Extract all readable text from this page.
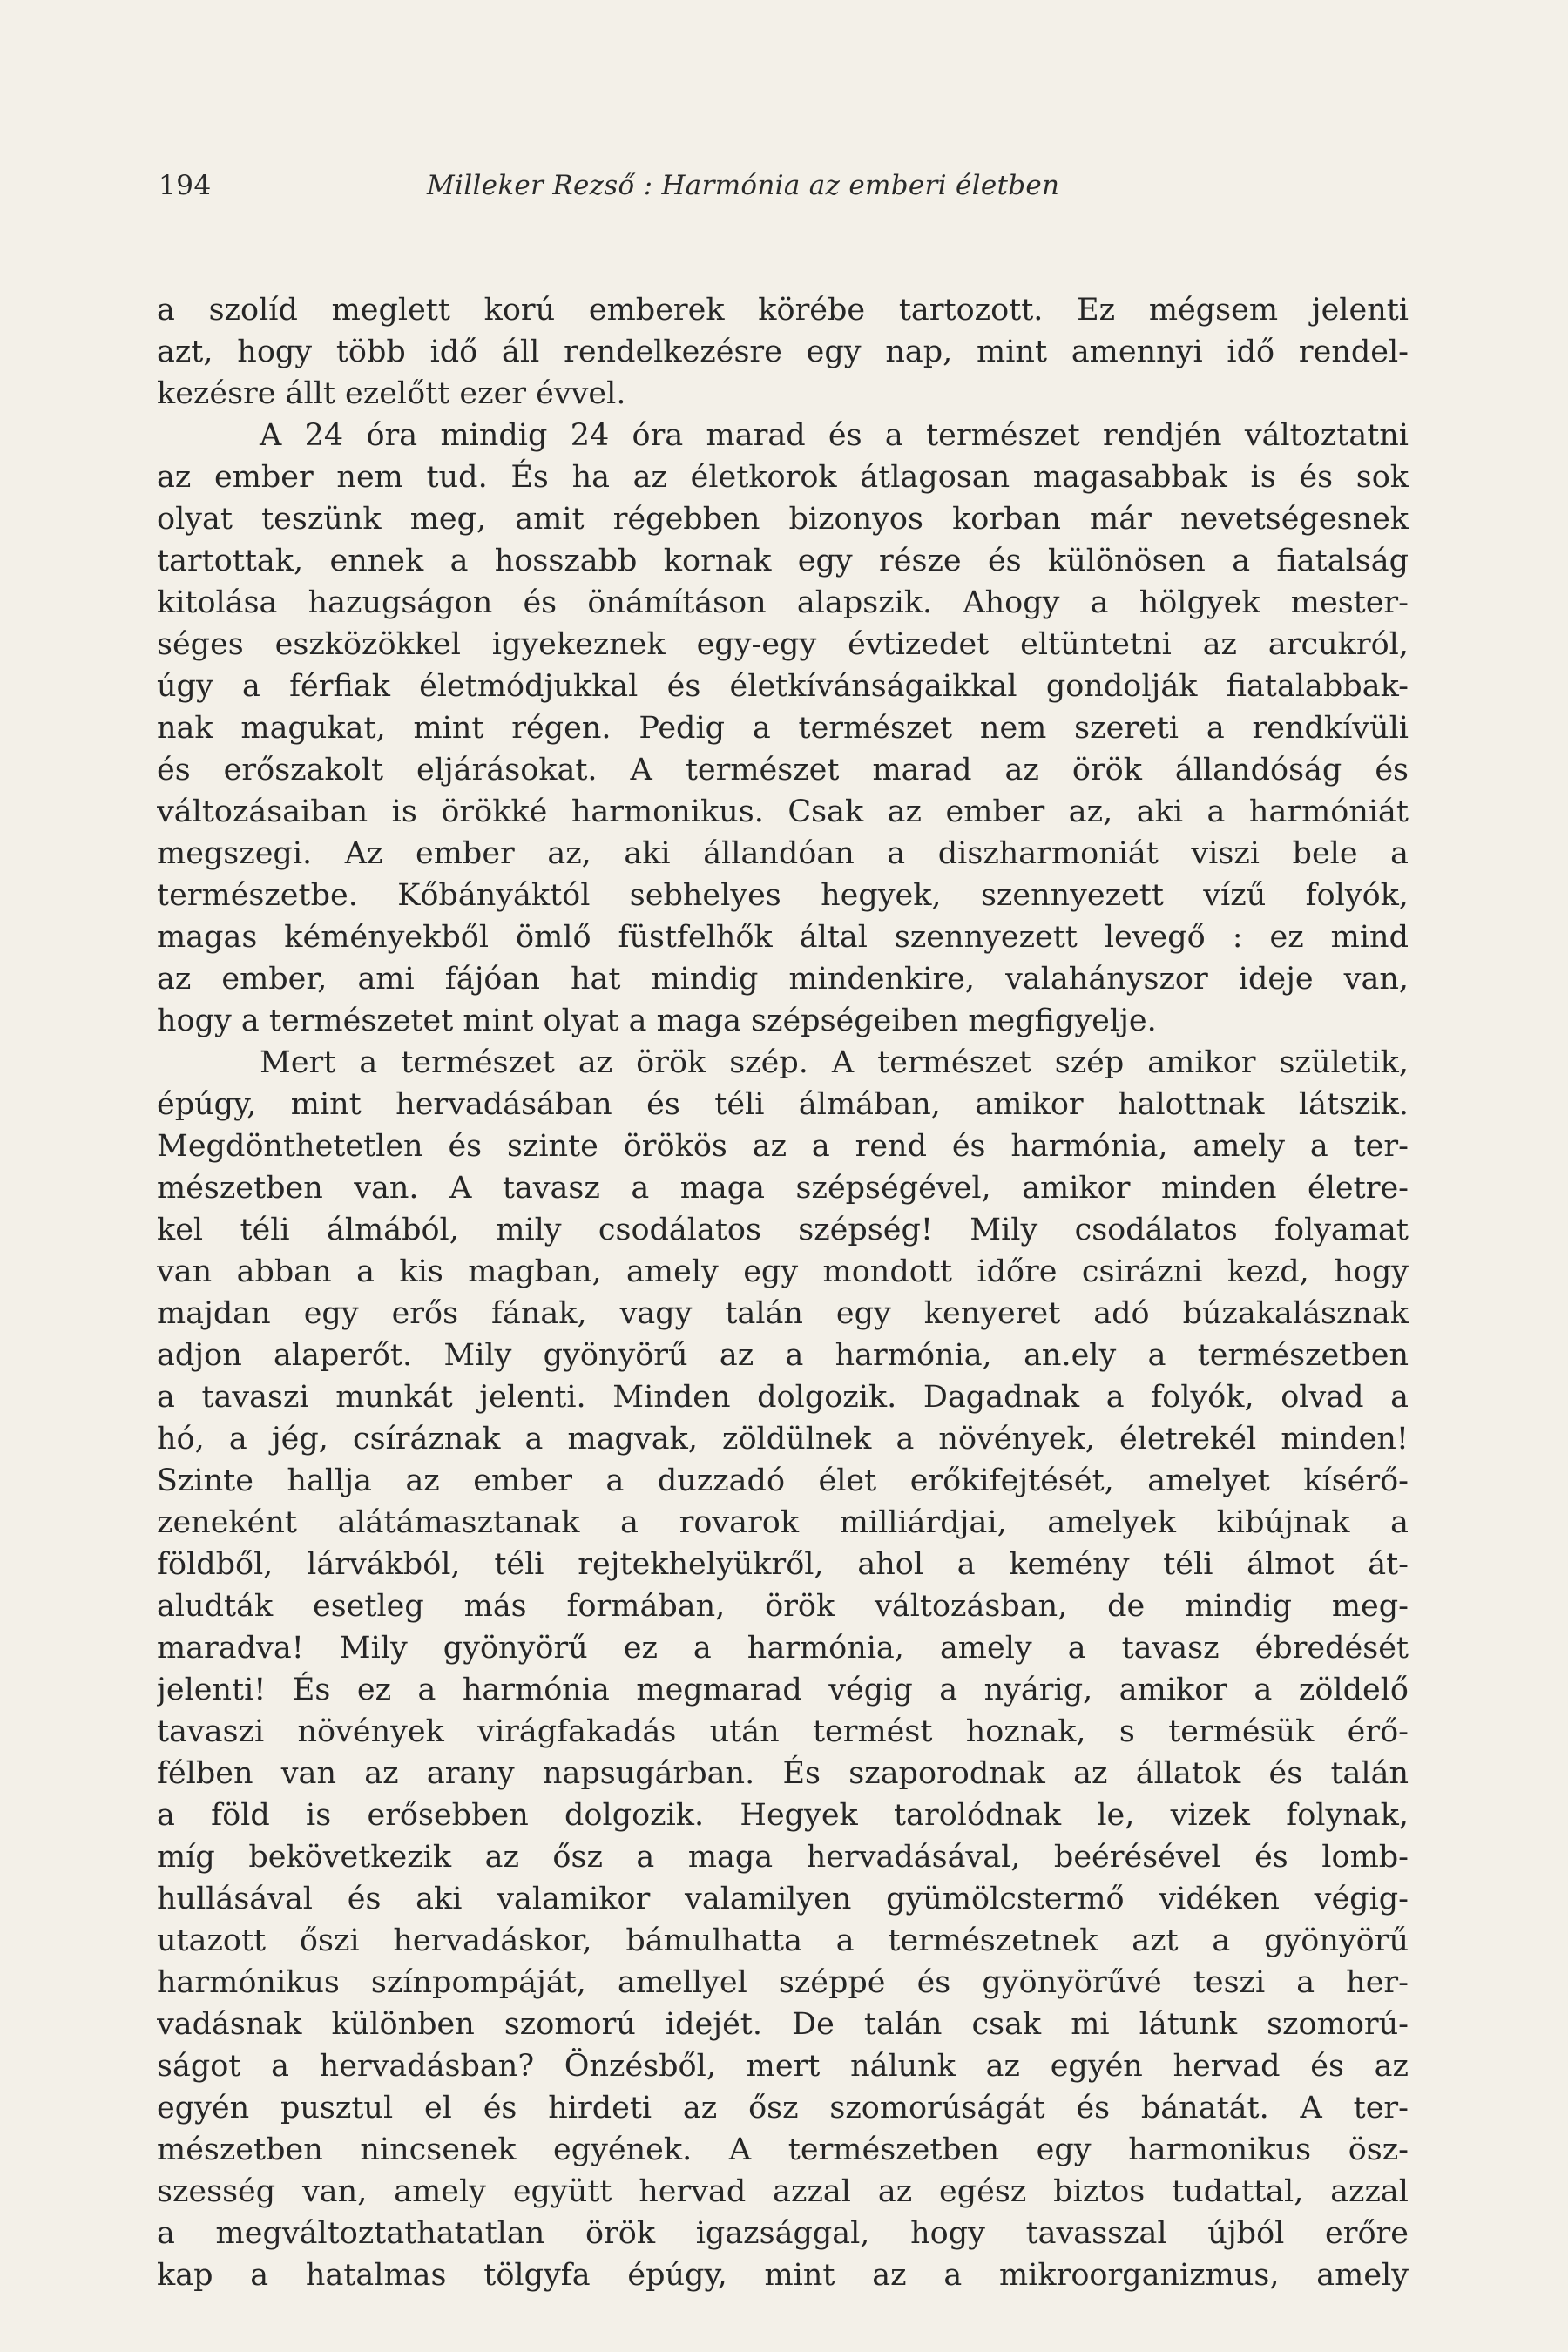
194	Milleker Rezső : Harmónia az emberi életben
a szolíd meglett korú emberek körébe tartozott. Ez mégsem jelenti
azt, hogy több idő áll rendelkezésre egy nap, mint amennyi idő rendel-
kezésre állt ezelőtt ezer évvel.
A 24 óra mindig 24 óra marad és a természet rendjén változtatni
az ember nem tud. És ha az életkorok átlagosan magasabbak is és sok
olyat teszünk meg, amit régebben bizonyos korban már nevetségesnek
tartottak, ennek a hosszabb kornak egy része és különösen a fiatalság
kitolása hazugságon és önámításon alapszik. Ahogy a hölgyek mester-
séges eszközökkel igyekeznek egy-egy évtizedet eltüntetni az arcukról,
úgy a férfiak életmódjukkal és életkívánságaikkal gondolják fiatalabbak-
nak magukat, mint régen. Pedig a természet nem szereti a rendkívüli
és erőszakolt eljárásokat. A természet marad az örök állandóság és
változásaiban is örökké harmonikus. Csak az ember az, aki a harmóniát
megszegi. Az ember az, aki állandóan a diszharmoniát viszi bele a
természetbe. Kőbányáktól sebhelyes hegyek, szennyezett vízű folyók,
magas kéményekből ömlő füstfelhők által szennyezett levegő : ez mind
az ember, ami fájóan hat mindig mindenkire, valahányszor ideje van,
hogy a természetet mint olyat a maga szépségeiben megfigyelje.
Mert a természet az örök szép. A természet szép amikor születik,
épúgy, mint hervadásában és téli álmában, amikor halottnak látszik.
Megdönthetetlen és szinte örökös az a rend és harmónia, amely a ter-
mészetben van. A tavasz a maga szépségével, amikor minden életre-
kel téli álmából, mily csodálatos szépség! Mily csodálatos folyamat
van abban a kis magban, amely egy mondott időre csirázni kezd, hogy
majdan egy erős fának, vagy talán egy kenyeret adó búzakalásznak
adjon alaperőt. Mily gyönyörű az a harmónia, an.ely a természetben
a tavaszi munkát jelenti. Minden dolgozik. Dagadnak a folyók, olvad a
hó, a jég, csíráznak a magvak, zöldülnek a növények, életrekél minden!
Szinte hallja az ember a duzzadó élet erőkifejtését, amelyet kísérő-
zeneként alátámasztanak a rovarok milliárdjai, amelyek kibújnak a
földből, lárvákból, téli rejtekhelyükről, ahol a kemény téli álmot át-
aludták esetleg más formában, örök változásban, de mindig meg-
maradva! Mily gyönyörű ez a harmónia, amely a tavasz ébredését
jelenti! És ez a harmónia megmarad végig a nyárig, amikor a zöldelő
tavaszi növények virágfakadás után termést hoznak, s termésük érő-
félben van az arany napsugárban. És szaporodnak az állatok és talán
a föld is erősebben dolgozik. Hegyek tarolódnak le, vizek folynak,
míg bekövetkezik az ősz a maga hervadásával, beérésével és lomb-
hullásával és aki valamikor valamilyen gyümölcstermő vidéken végig-
utazott őszi hervadáskor, bámulhatta a természetnek azt a gyönyörű
harmónikus színpompáját, amellyel széppé és gyönyörűvé teszi a her-
vadásnak különben szomorú idejét. De talán csak mi látunk szomorú-
ságot a hervadásban? Önzésből, mert nálunk az egyén hervad és az
egyén pusztul el és hirdeti az ősz szomorúságát és bánatát. A ter-
mészetben nincsenek egyének. A természetben egy harmonikus ösz-
szesség van, amely együtt hervad azzal az egész biztos tudattal, azzal
a megváltoztathatatlan örök igazsággal, hogy tavasszal újból erőre
kap a hatalmas tölgyfa épúgy, mint az a mikroorganizmus, amely
